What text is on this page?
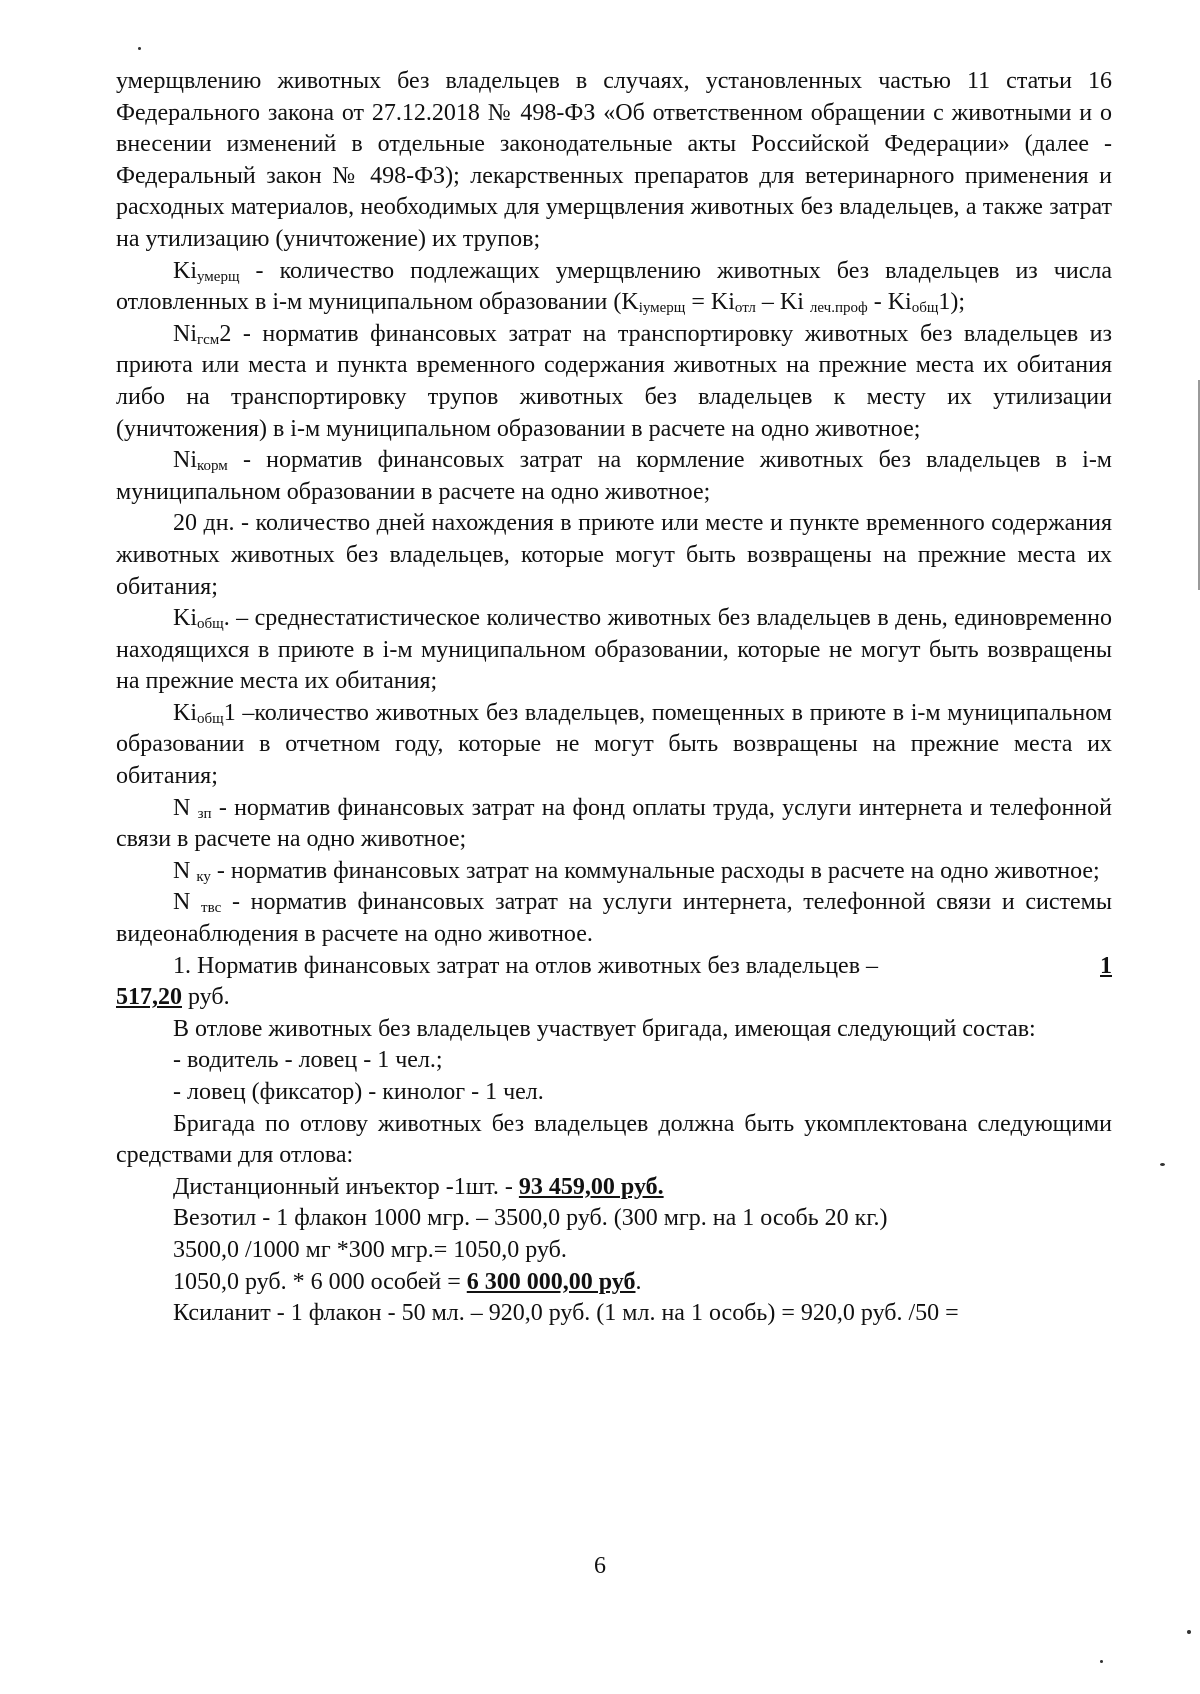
умерщвлению животных без владельцев в случаях, установленных частью 11 статьи 16 Федерального закона от 27.12.2018 № 498-ФЗ «Об ответственном обращении с животными и о внесении изменений в отдельные законодательные акты Российской Федерации» (далее - Федеральный закон № 498-ФЗ); лекарственных препаратов для ветеринарного применения и расходных материалов, необходимых для умерщвления животных без владельцев, а также затрат на утилизацию (уничтожение) их трупов;

$Ki_{умерщ}$ - количество подлежащих умерщвлению животных без владельцев из числа отловленных в i-м муниципальном образовании ($K_{iумерщ} = Ki_{отл} - Ki$ $_{леч.проф} - Ki_{общ}1$);

$Ni_{гсм}2$ - норматив финансовых затрат на транспортировку животных без владельцев из приюта или места и пункта временного содержания животных на прежние места их обитания либо на транспортировку трупов животных без владельцев к месту их утилизации (уничтожения) в i-м муниципальном образовании в расчете на одно животное;

$Ni_{корм}$ - норматив финансовых затрат на кормление животных без владельцев в i-м муниципальном образовании в расчете на одно животное;

20 дн. - количество дней нахождения в приюте или месте и пункте временного содержания животных животных без владельцев, которые могут быть возвращены на прежние места их обитания;

$Ki_{общ}$. – среднестатистическое количество животных без владельцев в день, единовременно находящихся в приюте в i-м муниципальном образовании, которые не могут быть возвращены на прежние места их обитания;

$Ki_{общ}1$ –количество животных без владельцев, помещенных в приюте в i-м муниципальном образовании в отчетном году, которые не могут быть возвращены на прежние места их обитания;

N $_{зп}$ - норматив финансовых затрат на фонд оплаты труда, услуги интернета и телефонной связи в расчете на одно животное;

N $_{ку}$ - норматив финансовых затрат на коммунальные расходы в расчете на одно животное;

N $_{твс}$ - норматив финансовых затрат на услуги интернета, телефонной связи и системы видеонаблюдения в расчете на одно животное.

1. Норматив финансовых затрат на отлов животных без владельцев –	1

517,20 руб.

В отлове животных без владельцев участвует бригада, имеющая следующий состав:

- водитель - ловец - 1 чел.;

- ловец (фиксатор) - кинолог - 1 чел.

Бригада по отлову животных без владельцев должна быть укомплектована следующими средствами для отлова:

Дистанционный инъектор -1шт. - 93 459,00 руб.

Везотил - 1 флакон 1000 мгр. – 3500,0 руб. (300 мгр. на 1 особь 20 кг.)

3500,0 /1000 мг *300 мгр.= 1050,0 руб.

1050,0 руб. * 6 000 особей = 6 300 000,00 руб.

Ксиланит - 1 флакон - 50 мл. – 920,0 руб. (1 мл. на 1 особь) = 920,0 руб. /50 =

6
